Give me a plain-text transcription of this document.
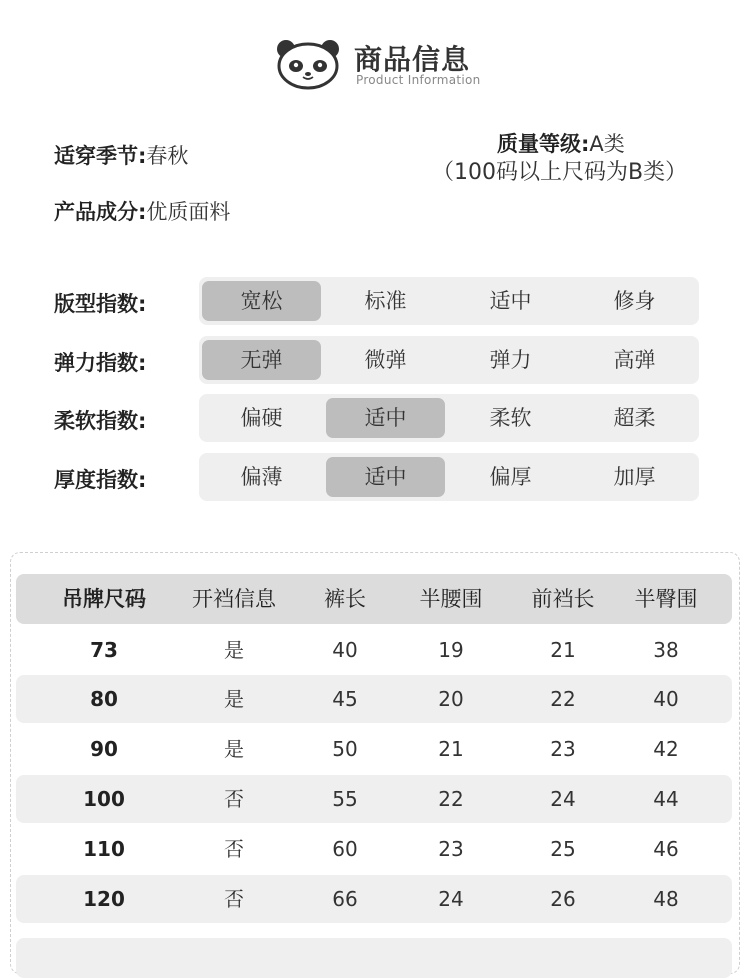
商品信息
Product Information
适穿季节:春秋
产品成分:优质面料
质量等级:A类
（100码以上尺码为B类）
版型指数:	宽松	标准	适中	修身
弹力指数:	无弹	微弹	弹力	高弹
柔软指数:	偏硬	适中	柔软	超柔
厚度指数:	偏薄	适中	偏厚	加厚
吊牌尺码	开裆信息	裤长	半腰围	前裆长	半臀围
73	是	40	19	21	38
80	是	45	20	22	40
90	是	50	21	23	42
100	否	55	22	24	44
110	否	60	23	25	46
120	否	66	24	26	48
